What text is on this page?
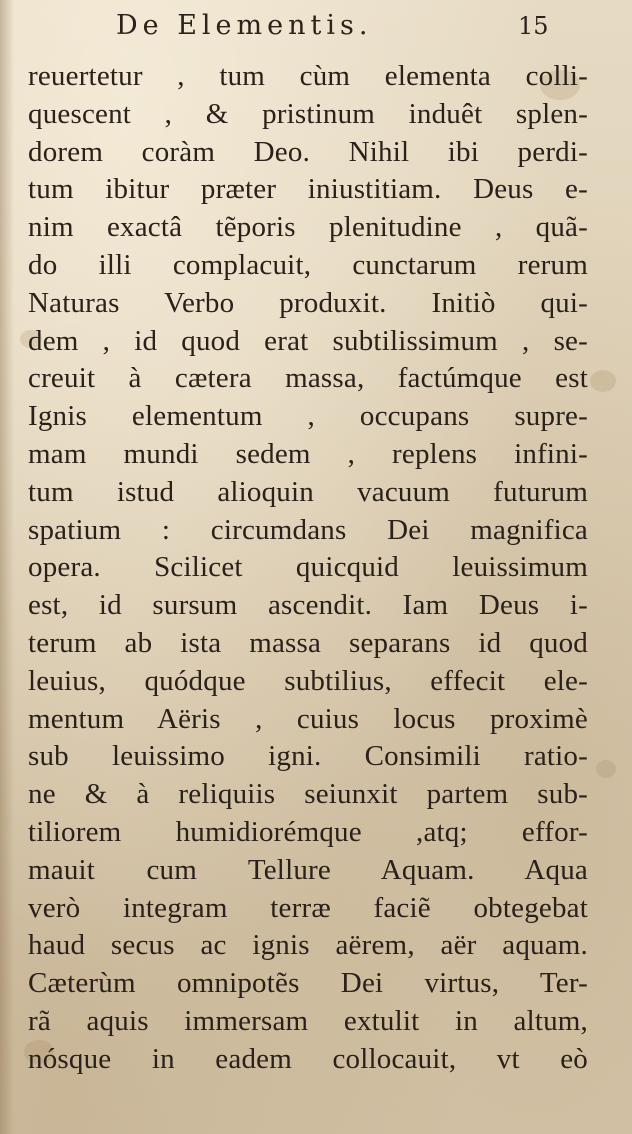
De Elementis.	15
reuertetur , tum cùm elementa colli-
quescent , & pristinum induêt splen-
dorem coràm Deo. Nihil ibi perdi-
tum ibitur præter iniustitiam. Deus e-
nim exactâ tẽporis plenitudine , quã-
do illi complacuit, cunctarum rerum
Naturas Verbo produxit. Initiò qui-
dem , id quod erat subtilissimum , se-
creuit à cætera massa, factúmque est
Ignis elementum , occupans supre-
mam mundi sedem , replens infini-
tum istud alioquin vacuum futurum
spatium : circumdans Dei magnifica
opera. Scilicet quicquid leuissimum
est, id sursum ascendit. Iam Deus i-
terum ab ista massa separans id quod
leuius, quódque subtilius, effecit ele-
mentum Aëris , cuius locus proximè
sub leuissimo igni. Consimili ratio-
ne & à reliquiis seiunxit partem sub-
tiliorem humidiorémque ,atq; effor-
mauit cum Tellure Aquam. Aqua
verò integram terræ faciẽ obtegebat
haud secus ac ignis aërem, aër aquam.
Cæterùm omnipotẽs Dei virtus, Ter-
rã aquis immersam extulit in altum,
nósque in eadem collocauit, vt eò
